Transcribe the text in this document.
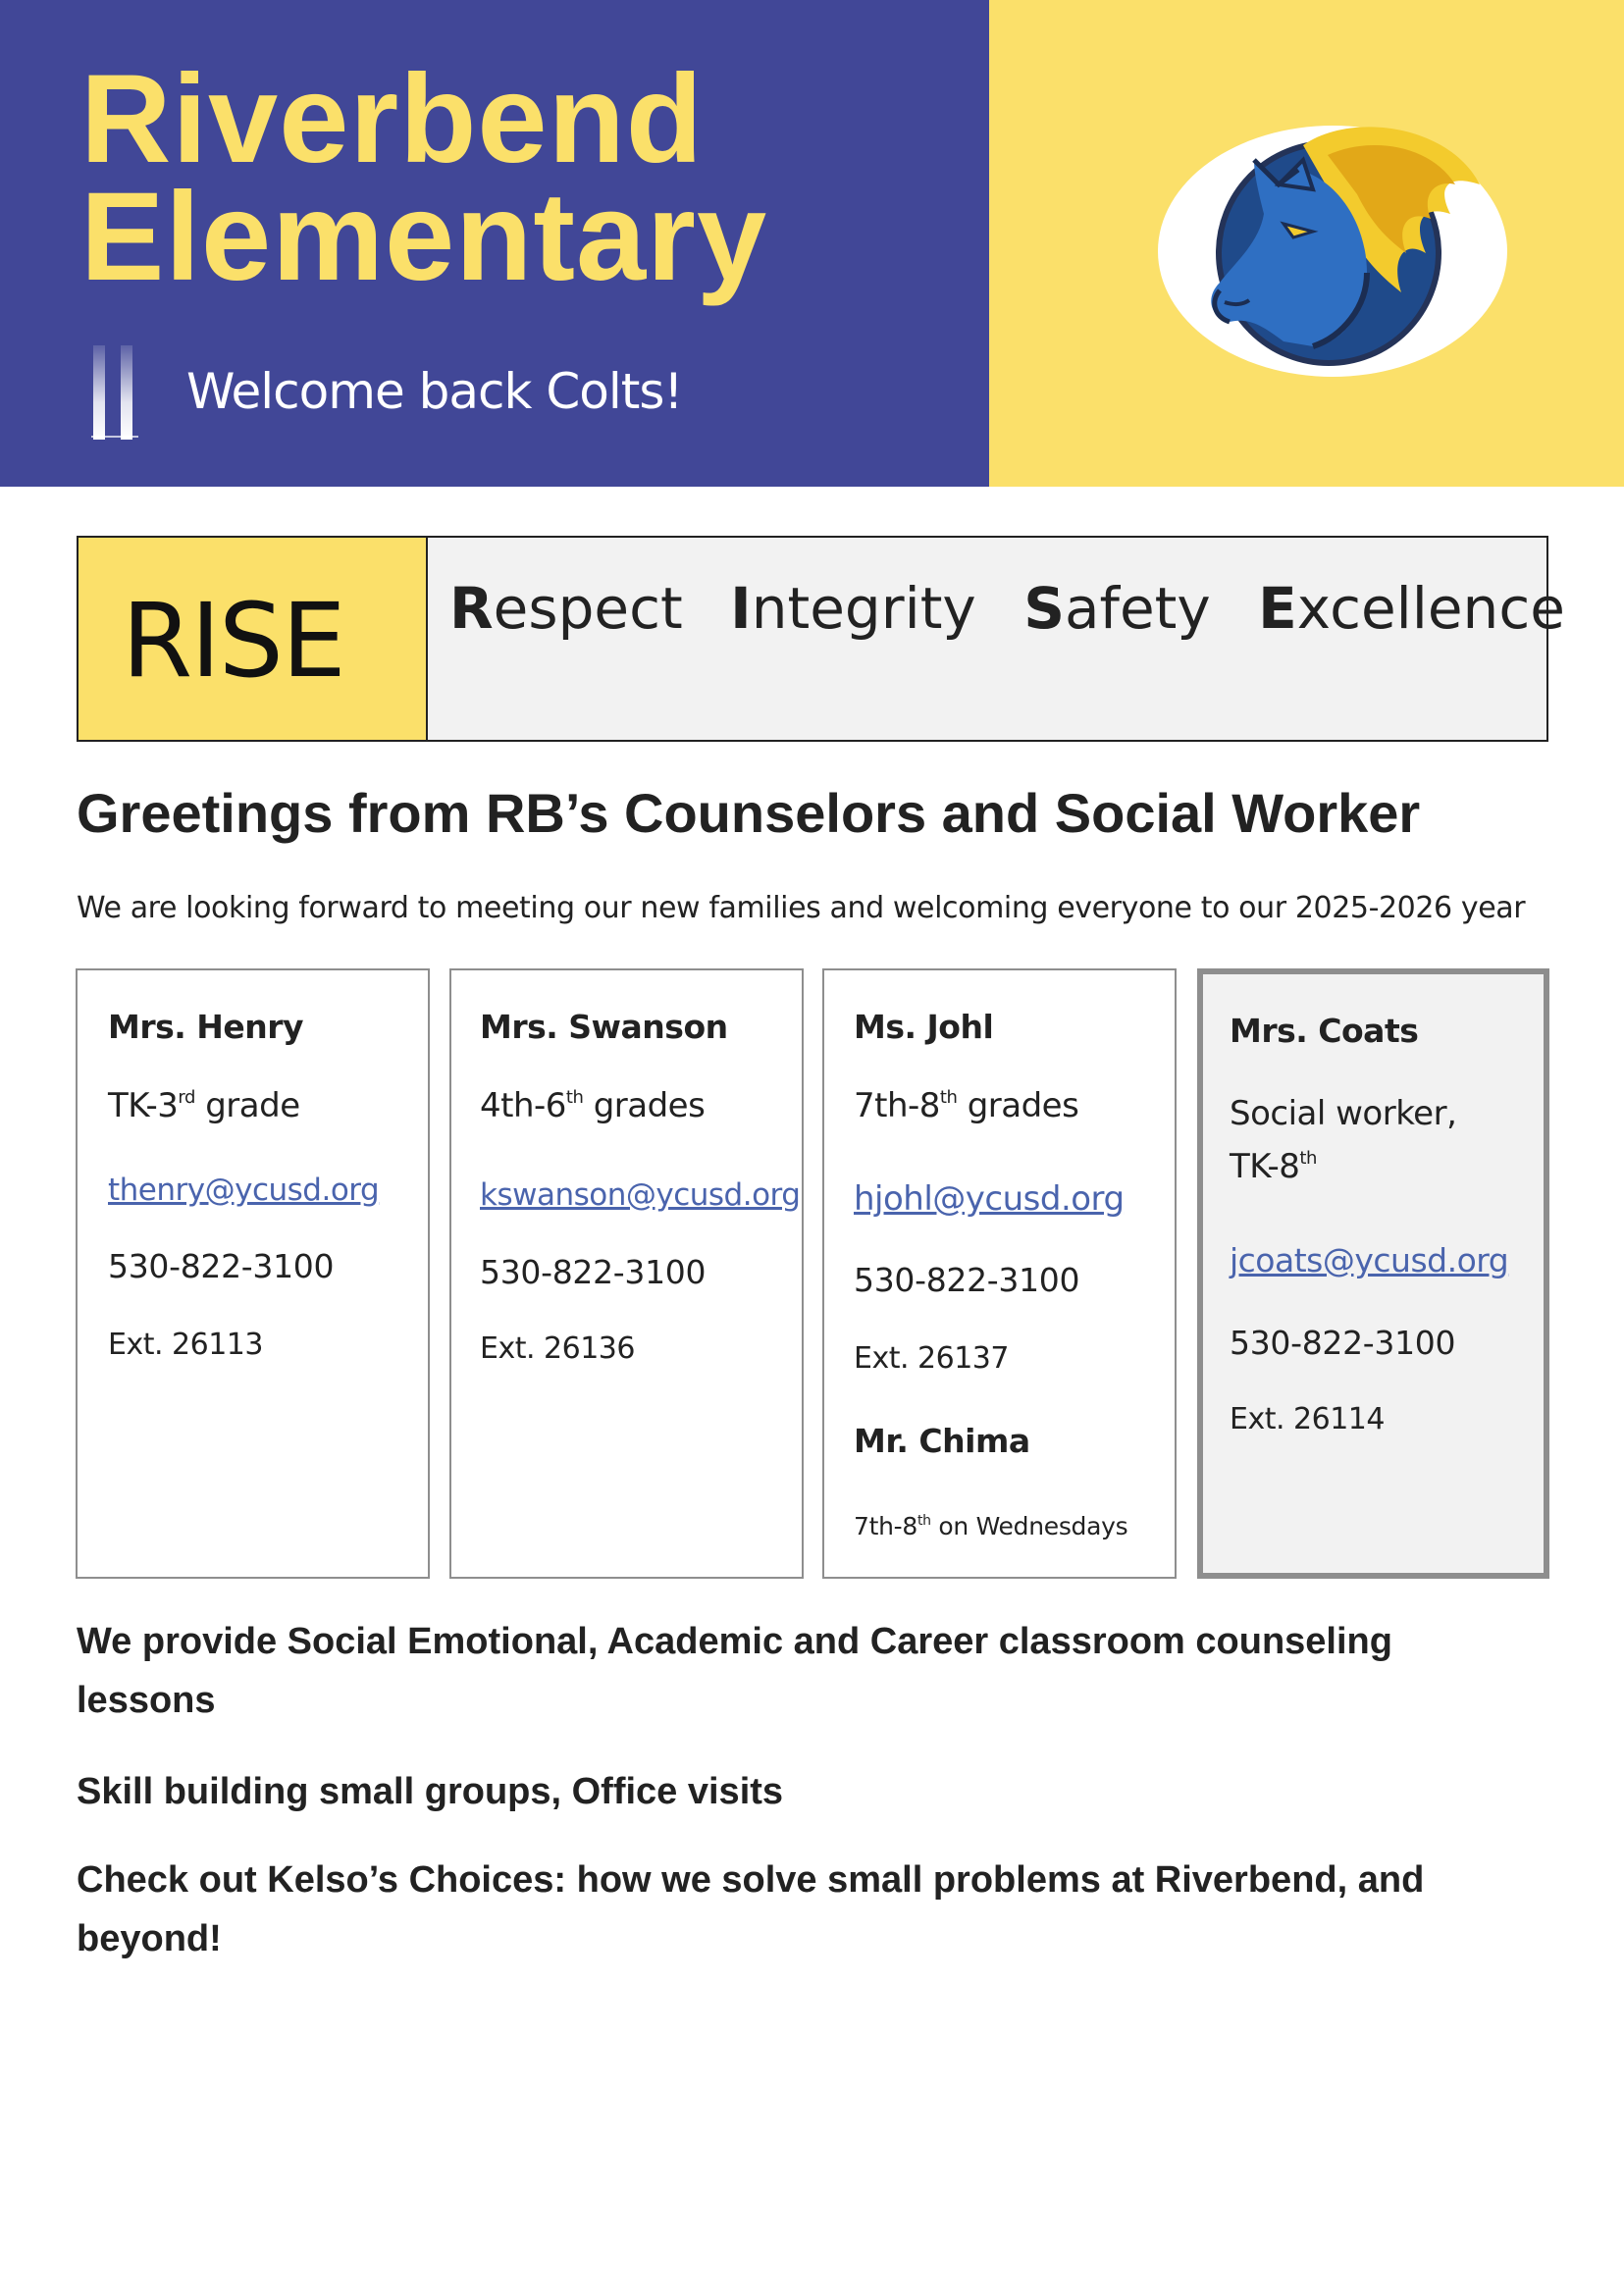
Riverbend
Elementary
Welcome back Colts!
RISE Respect Integrity Safety Excellence
Greetings from RB’s Counselors and Social Worker
We are looking forward to meeting our new families and welcoming everyone to our 2025-2026 year
Mrs. Henry
TK-3rd grade
thenry@ycusd.org
530-822-3100
Ext. 26113
Mrs. Swanson
4th-6th grades
kswanson@ycusd.org
530-822-3100
Ext. 26136
Ms. Johl
7th-8th grades
hjohl@ycusd.org
530-822-3100
Ext. 26137
Mr. Chima
7th-8th on Wednesdays
Mrs. Coats
Social worker,
TK-8th
jcoats@ycusd.org
530-822-3100
Ext. 26114
We provide Social Emotional, Academic and Career classroom counseling lessons
Skill building small groups, Office visits
Check out Kelso’s Choices: how we solve small problems at Riverbend, and beyond!
